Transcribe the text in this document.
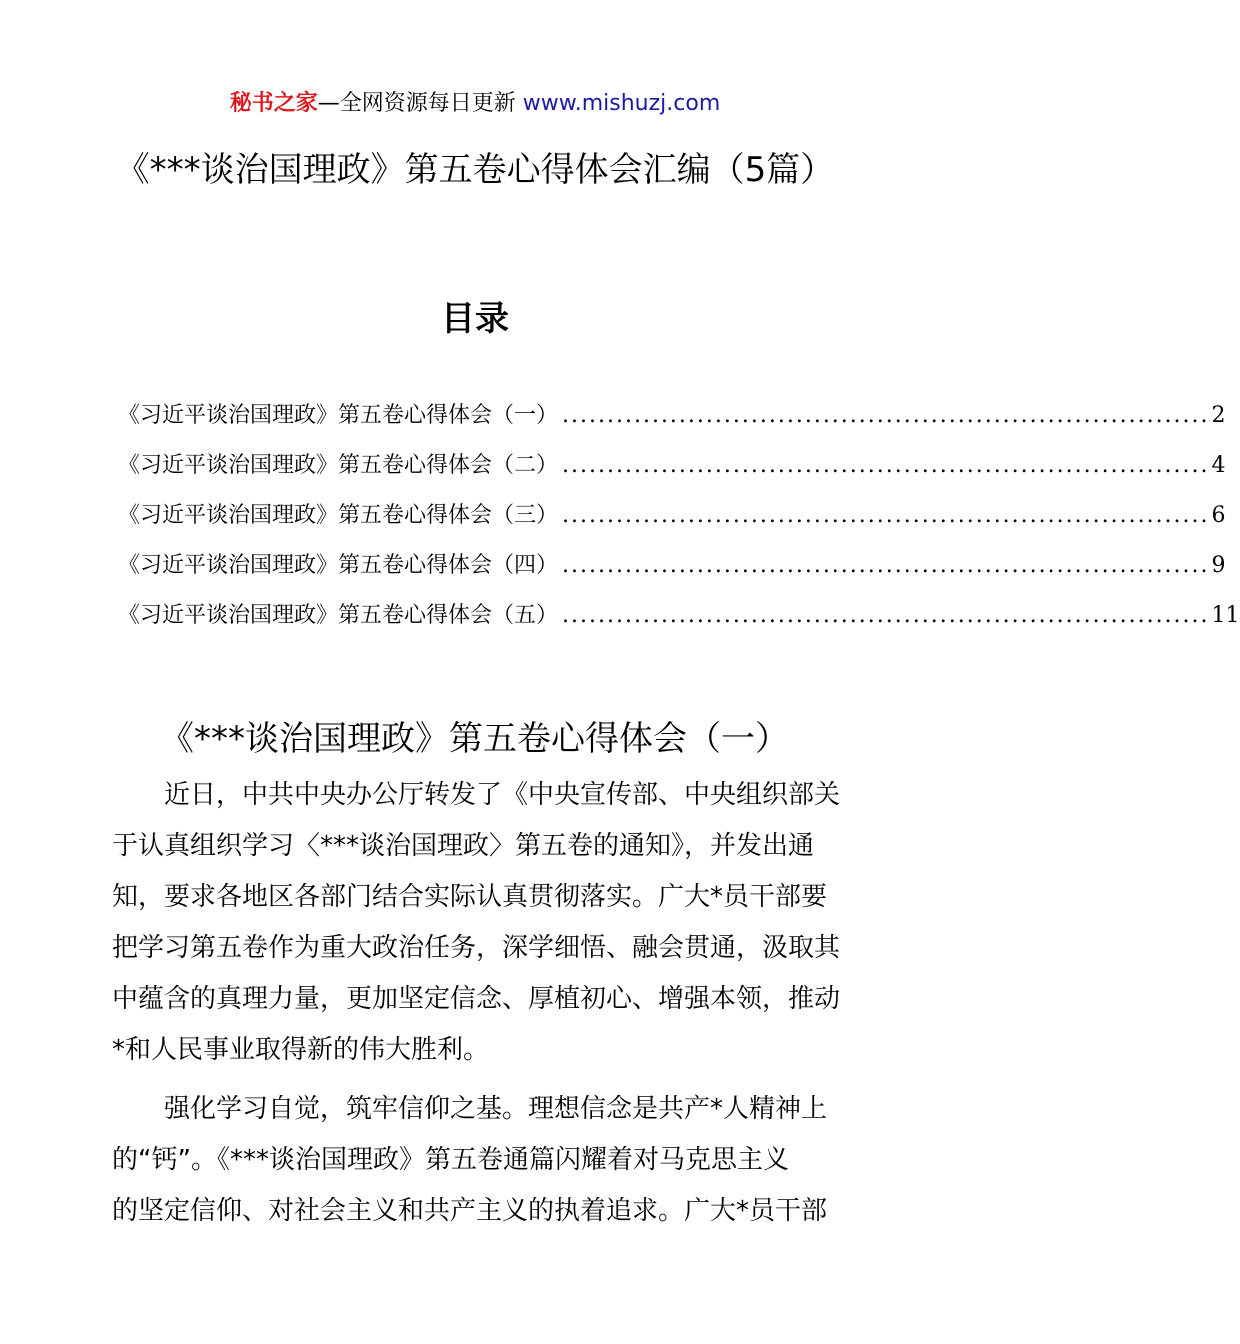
秘书之家—全网资源每日更新 www.mishuzj.com
《***谈治国理政》第五卷心得体会汇编（5篇）
目录
《习近平谈治国理政》第五卷心得体会（一） ........................................................................ 2
《习近平谈治国理政》第五卷心得体会（二） ........................................................................ 4
《习近平谈治国理政》第五卷心得体会（三） ........................................................................ 6
《习近平谈治国理政》第五卷心得体会（四） ........................................................................ 9
《习近平谈治国理政》第五卷心得体会（五） ........................................................................ 11
《***谈治国理政》第五卷心得体会（一）
近日，中共中央办公厅转发了《中央宣传部、中央组织部关
于认真组织学习〈***谈治国理政〉第五卷的通知》，并发出通
知，要求各地区各部门结合实际认真贯彻落实。广大*员干部要
把学习第五卷作为重大政治任务，深学细悟、融会贯通，汲取其
中蕴含的真理力量，更加坚定信念、厚植初心、增强本领，推动
*和人民事业取得新的伟大胜利。
强化学习自觉，筑牢信仰之基。理想信念是共产*人精神上
的“钙”。《***谈治国理政》第五卷通篇闪耀着对马克思主义
的坚定信仰、对社会主义和共产主义的执着追求。广大*员干部
